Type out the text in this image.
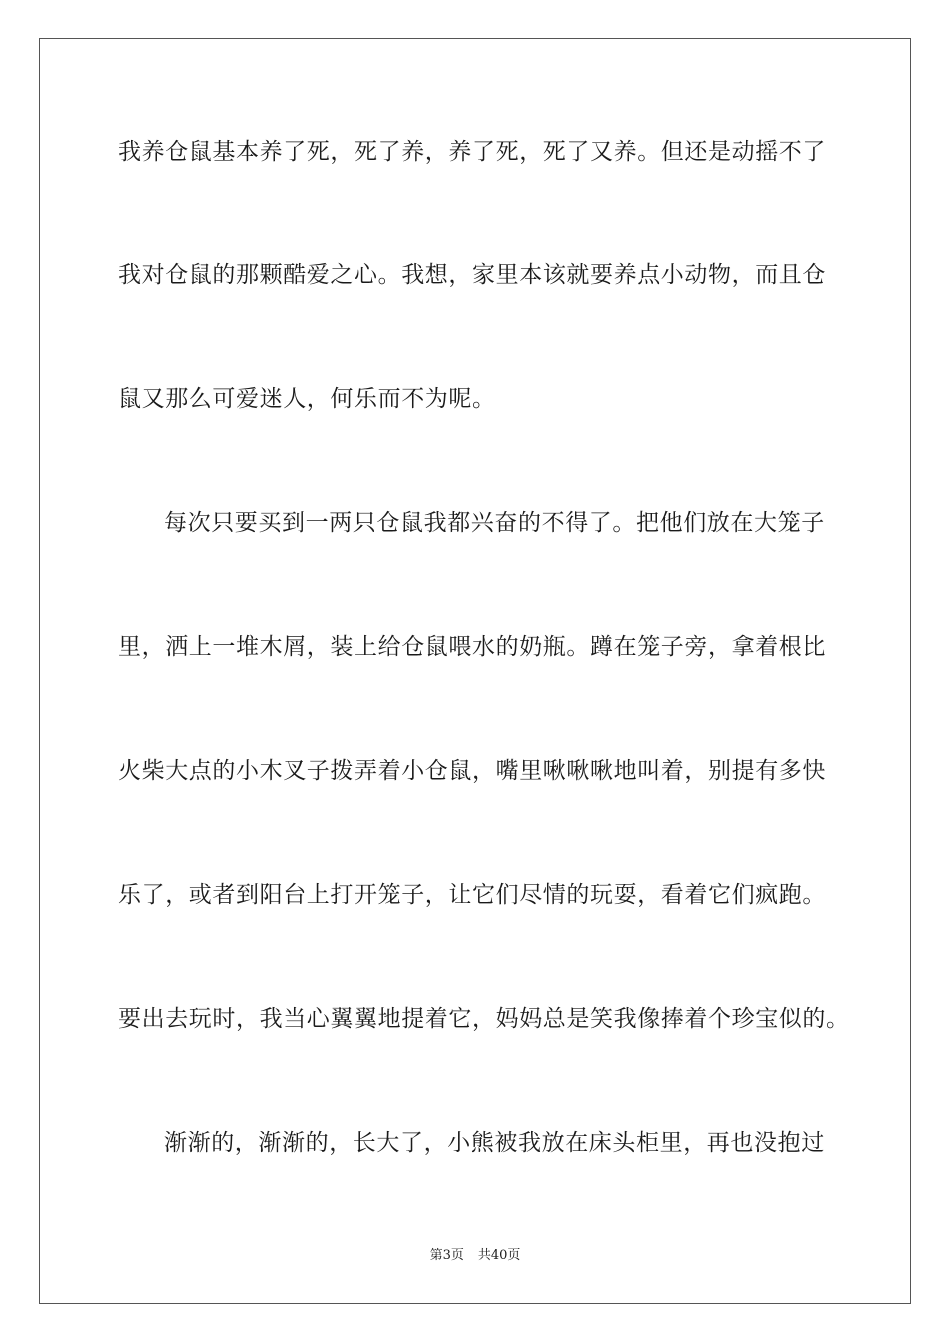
我养仓鼠基本养了死，死了养，养了死，死了又养。但还是动摇不了
我对仓鼠的那颗酷爱之心。我想，家里本该就要养点小动物，而且仓
鼠又那么可爱迷人，何乐而不为呢。
每次只要买到一两只仓鼠我都兴奋的不得了。把他们放在大笼子
里，洒上一堆木屑，装上给仓鼠喂水的奶瓶。蹲在笼子旁，拿着根比
火柴大点的小木叉子拨弄着小仓鼠，嘴里啾啾啾地叫着，别提有多快
乐了，或者到阳台上打开笼子，让它们尽情的玩耍，看着它们疯跑。
要出去玩时，我当心翼翼地提着它，妈妈总是笑我像捧着个珍宝似的。
渐渐的，渐渐的，长大了，小熊被我放在床头柜里，再也没抱过
第3页 共40页
